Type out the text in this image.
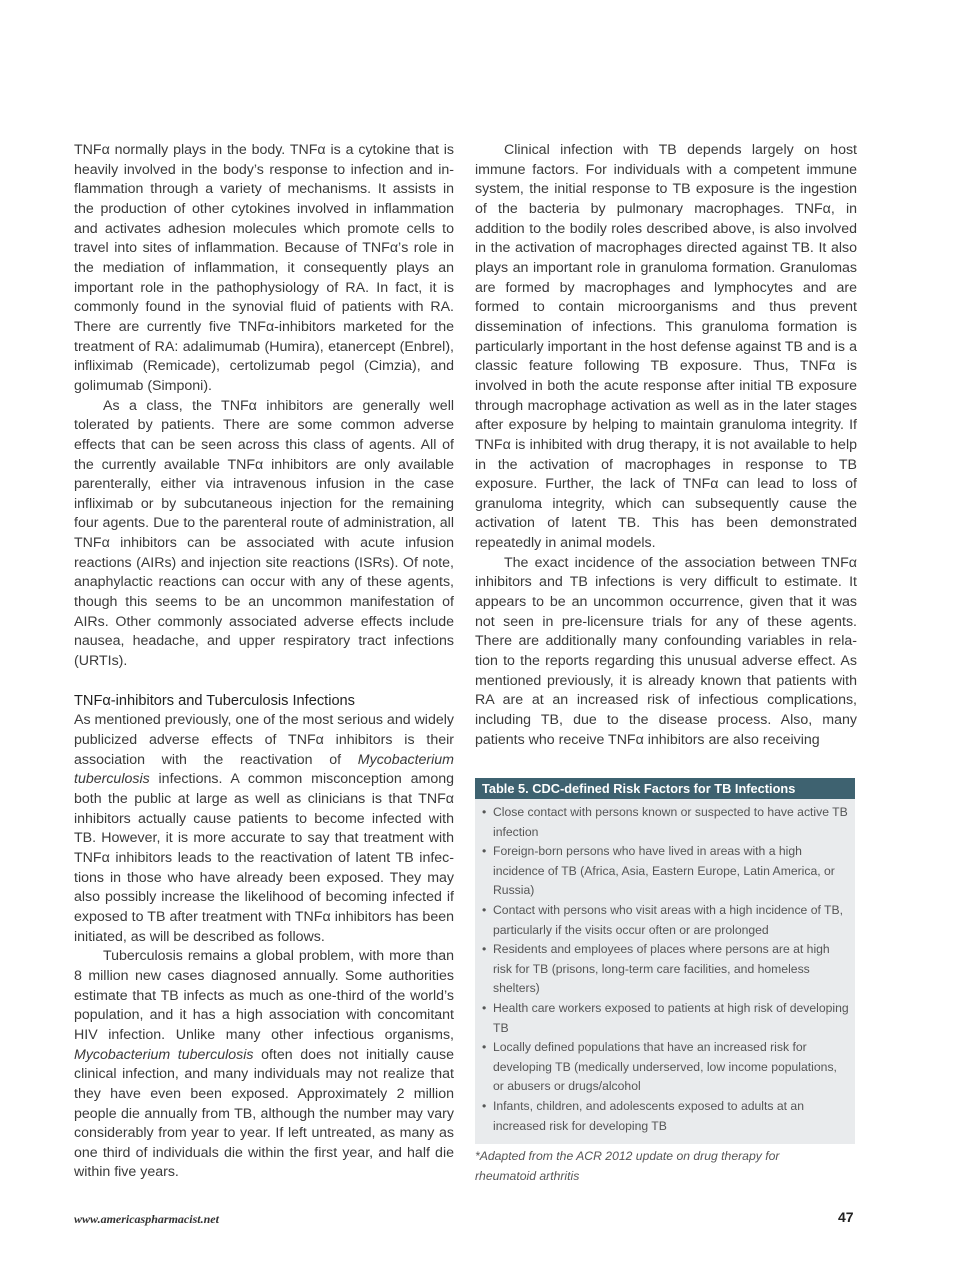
TNFα normally plays in the body. TNFα is a cytokine that is heavily involved in the body’s response to infection and inflammation through a variety of mechanisms. It assists in the production of other cytokines involved in inflammation and activates adhesion molecules which promote cells to travel into sites of inflammation. Because of TNFα’s role in the mediation of inflammation, it consequently plays an important role in the pathophysiology of RA. In fact, it is commonly found in the synovial fluid of patients with RA. There are currently five TNFα-inhibitors marketed for the treatment of RA: adalimumab (Humira), etanercept (Enbrel), infliximab (Remicade), certolizumab pegol (Cimzia), and golimumab (Simponi).

As a class, the TNFα inhibitors are generally well tolerated by patients. There are some common adverse effects that can be seen across this class of agents. All of the currently available TNFα inhibitors are only available parenterally, either via intravenous infusion in the case infliximab or by subcutaneous injection for the remaining four agents. Due to the parenteral route of administration, all TNFα inhibitors can be associated with acute infusion reactions (AIRs) and injection site reactions (ISRs). Of note, anaphylactic reactions can occur with any of these agents, though this seems to be an uncommon manifestation of AIRs. Other commonly associated adverse effects include nausea, headache, and upper respiratory tract infections (URTIs).

TNFα-inhibitors and Tuberculosis Infections

As mentioned previously, one of the most serious and widely publicized adverse effects of TNFα inhibitors is their association with the reactivation of Mycobacterium tuberculosis infections. A common misconception among both the public at large as well as clinicians is that TNFα inhibitors actually cause patients to become infected with TB. However, it is more accurate to say that treatment with TNFα inhibitors leads to the reactivation of latent TB infections in those who have already been exposed. They may also possibly increase the likelihood of becoming infected if exposed to TB after treatment with TNFα inhibitors has been initiated, as will be described as follows.

Tuberculosis remains a global problem, with more than 8 million new cases diagnosed annually. Some authorities estimate that TB infects as much as one-third of the world’s population, and it has a high association with concomitant HIV infection. Unlike many other infectious organisms, Mycobacterium tuberculosis often does not initially cause clinical infection, and many individuals may not realize that they have even been exposed. Approximately 2 million people die annually from TB, although the number may vary considerably from year to year. If left untreated, as many as one third of individuals die within the first year, and half die within five years.

Clinical infection with TB depends largely on host immune factors. For individuals with a competent immune system, the initial response to TB exposure is the ingestion of the bacteria by pulmonary macrophages. TNFα, in addition to the bodily roles described above, is also involved in the activation of macrophages directed against TB. It also plays an important role in granuloma formation. Granulomas are formed by macrophages and lymphocytes and are formed to contain microorganisms and thus prevent dissemination of infections. This granuloma formation is particularly important in the host defense against TB and is a classic feature following TB exposure. Thus, TNFα is involved in both the acute response after initial TB exposure through macrophage activation as well as in the later stages after exposure by helping to maintain granuloma integrity. If TNFα is inhibited with drug therapy, it is not available to help in the activation of macrophages in response to TB exposure. Further, the lack of TNFα can lead to loss of granuloma integrity, which can subsequently cause the activation of latent TB. This has been demonstrated repeatedly in animal models.

The exact incidence of the association between TNFα inhibitors and TB infections is very difficult to estimate. It appears to be an uncommon occurrence, given that it was not seen in pre-licensure trials for any of these agents. There are additionally many confounding variables in relation to the reports regarding this unusual adverse effect. As mentioned previously, it is already known that patients with RA are at an increased risk of infectious complications, including TB, due to the disease process. Also, many patients who receive TNFα inhibitors are also receiving

Table 5. CDC-defined Risk Factors for TB Infections
• Close contact with persons known or suspected to have active TB infection
• Foreign-born persons who have lived in areas with a high incidence of TB (Africa, Asia, Eastern Europe, Latin America, or Russia)
• Contact with persons who visit areas with a high incidence of TB, particularly if the visits occur often or are prolonged
• Residents and employees of places where persons are at high risk for TB (prisons, long-term care facilities, and homeless shelters)
• Health care workers exposed to patients at high risk of developing TB
• Locally defined populations that have an increased risk for developing TB (medically underserved, low income populations, or abusers or drugs/alcohol
• Infants, children, and adolescents exposed to adults at an increased risk for developing TB
*Adapted from the ACR 2012 update on drug therapy for rheumatoid arthritis
www.americaspharmacist.net	47
